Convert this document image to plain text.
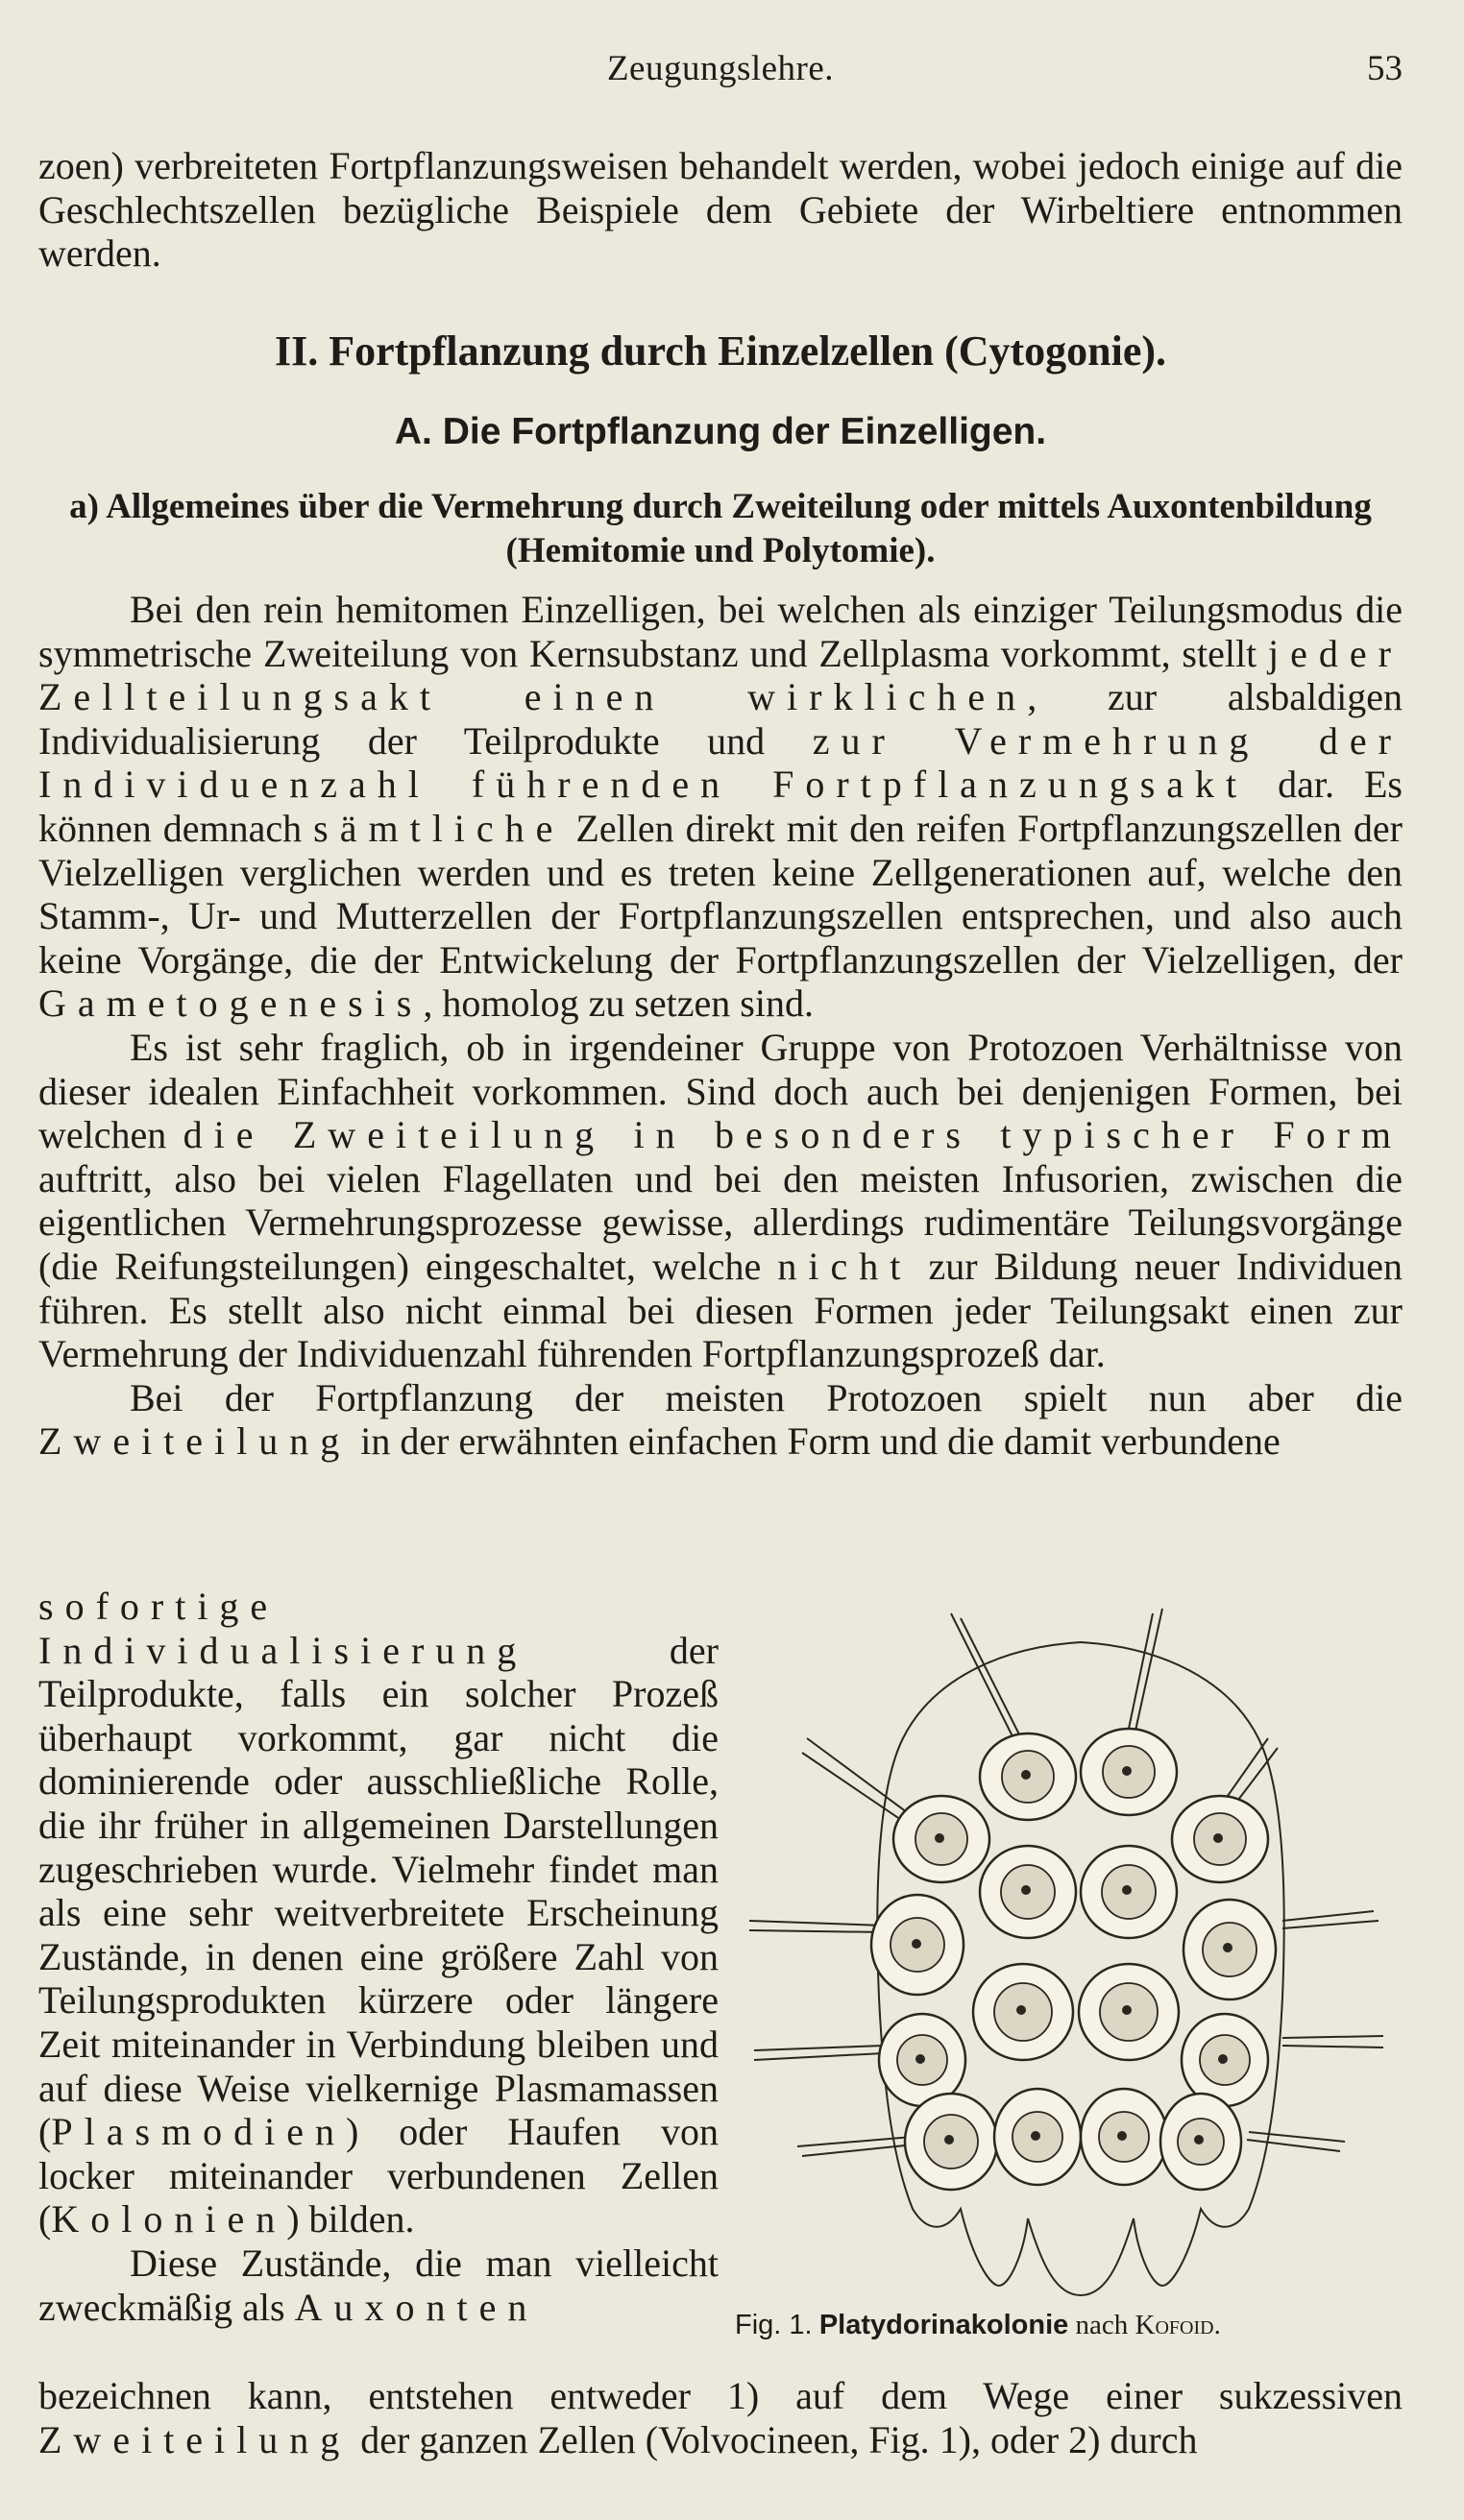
Zeugungslehre.	53

zoen) verbreiteten Fortpflanzungsweisen behandelt werden, wobei jedoch einige auf die Geschlechtszellen bezügliche Beispiele dem Gebiete der Wirbeltiere entnommen werden.

II. Fortpflanzung durch Einzelzellen (Cytogonie).
A. Die Fortpflanzung der Einzelligen.
a) Allgemeines über die Vermehrung durch Zweiteilung oder mittels Auxontenbildung (Hemitomie und Polytomie).

Bei den rein hemitomen Einzelligen, bei welchen als einziger Teilungsmodus die symmetrische Zweiteilung von Kernsubstanz und Zellplasma vorkommt, stellt jeder Zellteilungsakt einen wirklichen, zur alsbaldigen Individualisierung der Teilprodukte und zur Vermehrung der Individuenzahl führenden Fortpflanzungsakt dar. Es können demnach sämtliche Zellen direkt mit den reifen Fortpflanzungszellen der Vielzelligen verglichen werden und es treten keine Zellgenerationen auf, welche den Stamm-, Ur- und Mutterzellen der Fortpflanzungszellen entsprechen, und also auch keine Vorgänge, die der Entwickelung der Fortpflanzungszellen der Vielzelligen, der Gametogenesis, homolog zu setzen sind.

Es ist sehr fraglich, ob in irgendeiner Gruppe von Protozoen Verhältnisse von dieser idealen Einfachheit vorkommen. Sind doch auch bei denjenigen Formen, bei welchen die Zweiteilung in besonders typischer Form auftritt, also bei vielen Flagellaten und bei den meisten Infusorien, zwischen die eigentlichen Vermehrungsprozesse gewisse, allerdings rudimentäre Teilungsvorgänge (die Reifungsteilungen) eingeschaltet, welche nicht zur Bildung neuer Individuen führen. Es stellt also nicht einmal bei diesen Formen jeder Teilungsakt einen zur Vermehrung der Individuenzahl führenden Fortpflanzungsprozeß dar.

Bei der Fortpflanzung der meisten Protozoen spielt nun aber die Zweiteilung in der erwähnten einfachen Form und die damit verbundene

sofortige Individualisierung der Teilprodukte, falls ein solcher Prozeß überhaupt vorkommt, gar nicht die dominierende oder ausschließliche Rolle, die ihr früher in allgemeinen Darstellungen zugeschrieben wurde. Vielmehr findet man als eine sehr weitverbreitete Erscheinung Zustände, in denen eine größere Zahl von Teilungsprodukten kürzere oder längere Zeit miteinander in Verbindung bleiben und auf diese Weise vielkernige Plasmamassen (Plasmodien) oder Haufen von locker miteinander verbundenen Zellen (Kolonien) bilden.

Diese Zustände, die man vielleicht zweckmäßig als Auxonten	Fig. 1. Platydorinakolonie nach Kofoid.

bezeichnen kann, entstehen entweder 1) auf dem Wege einer sukzessiven Zweiteilung der ganzen Zellen (Volvocineen, Fig. 1), oder 2) durch
